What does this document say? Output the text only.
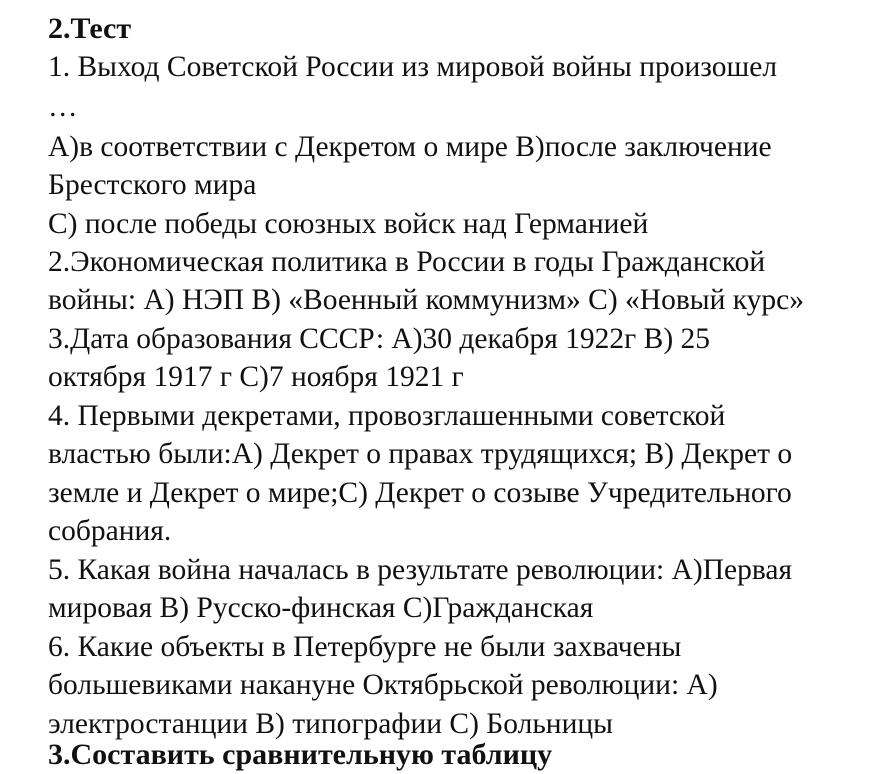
2.Тест

1. Выход Советской России из мировой войны произошел

…

А)в соответствии с Декретом о мире В)после заключение

Брестского мира

С) после победы союзных войск над Германией

2.Экономическая политика в России в годы Гражданской

войны: А) НЭП В) «Военный коммунизм» С) «Новый курс»

3.Дата образования СССР: А)30 декабря 1922г В) 25

октября 1917 г С)7 ноября 1921 г

4. Первыми декретами, провозглашенными советской

властью были:А) Декрет о правах трудящихся; В) Декрет о

земле и Декрет о мире;С) Декрет о созыве Учредительного

собрания.

5. Какая война началась в результате революции: А)Первая

мировая В) Русско-финская С)Гражданская

6. Какие объекты в Петербурге не были захвачены

большевиками накануне Октябрьской революции: А)

электростанции В) типографии С) Больницы

3.Составить сравнительную таблицу
